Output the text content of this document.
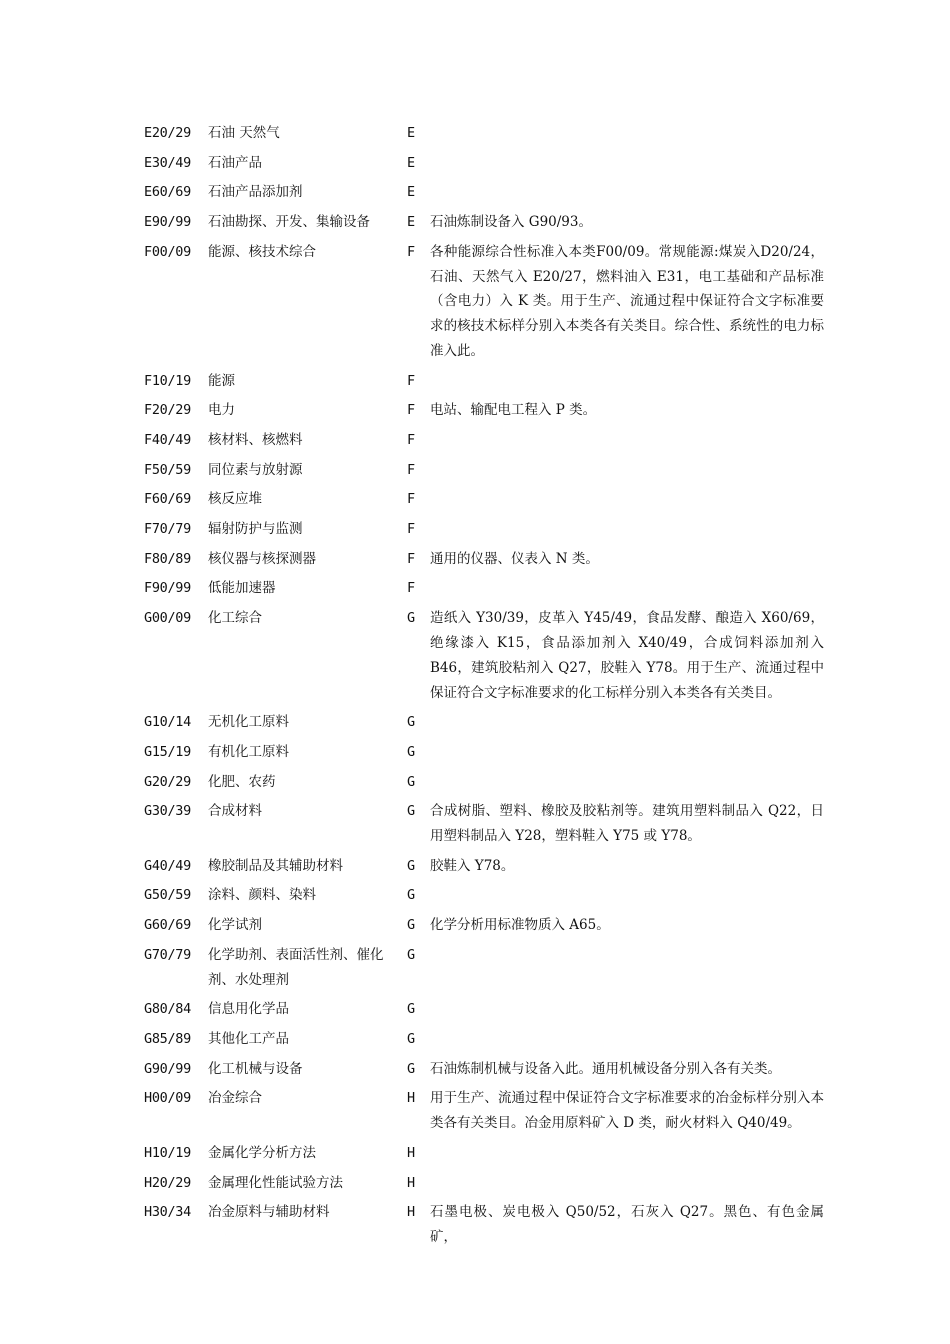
E20/29	石油 天然气	E	
E30/49	石油产品	E	
E60/69	石油产品添加剂	E	
E90/99	石油勘探、开发、集输设备	E	石油炼制设备入 G90/93。
F00/09	能源、核技术综合	F	各种能源综合性标准入本类F00/09。常规能源:煤炭入D20/24，石油、天然气入 E20/27，燃料油入 E31，电工基础和产品标准（含电力）入 K 类。用于生产、流通过程中保证符合文字标准要求的核技术标样分别入本类各有关类目。综合性、系统性的电力标准入此。
F10/19	能源	F	
F20/29	电力	F	电站、输配电工程入 P 类。
F40/49	核材料、核燃料	F	
F50/59	同位素与放射源	F	
F60/69	核反应堆	F	
F70/79	辐射防护与监测	F	
F80/89	核仪器与核探测器	F	通用的仪器、仪表入 N 类。
F90/99	低能加速器	F	
G00/09	化工综合	G	造纸入 Y30/39，皮革入 Y45/49，食品发酵、酿造入 X60/69，绝缘漆入 K15，食品添加剂入 X40/49，合成饲料添加剂入 B46，建筑胶粘剂入 Q27，胶鞋入 Y78。用于生产、流通过程中保证符合文字标准要求的化工标样分别入本类各有关类目。
G10/14	无机化工原料	G	
G15/19	有机化工原料	G	
G20/29	化肥、农药	G	
G30/39	合成材料	G	合成树脂、塑料、橡胶及胶粘剂等。建筑用塑料制品入 Q22，日用塑料制品入 Y28，塑料鞋入 Y75 或 Y78。
G40/49	橡胶制品及其辅助材料	G	胶鞋入 Y78。
G50/59	涂料、颜料、染料	G	
G60/69	化学试剂	G	化学分析用标准物质入 A65。
G70/79	化学助剂、表面活性剂、催化剂、水处理剂	G	
G80/84	信息用化学品	G	
G85/89	其他化工产品	G	
G90/99	化工机械与设备	G	石油炼制机械与设备入此。通用机械设备分别入各有关类。
H00/09	冶金综合	H	用于生产、流通过程中保证符合文字标准要求的冶金标样分别入本类各有关类目。冶金用原料矿入 D 类，耐火材料入 Q40/49。
H10/19	金属化学分析方法	H	
H20/29	金属理化性能试验方法	H	
H30/34	冶金原料与辅助材料	H	石墨电极、炭电极入 Q50/52，石灰入 Q27。黑色、有色金属矿，
